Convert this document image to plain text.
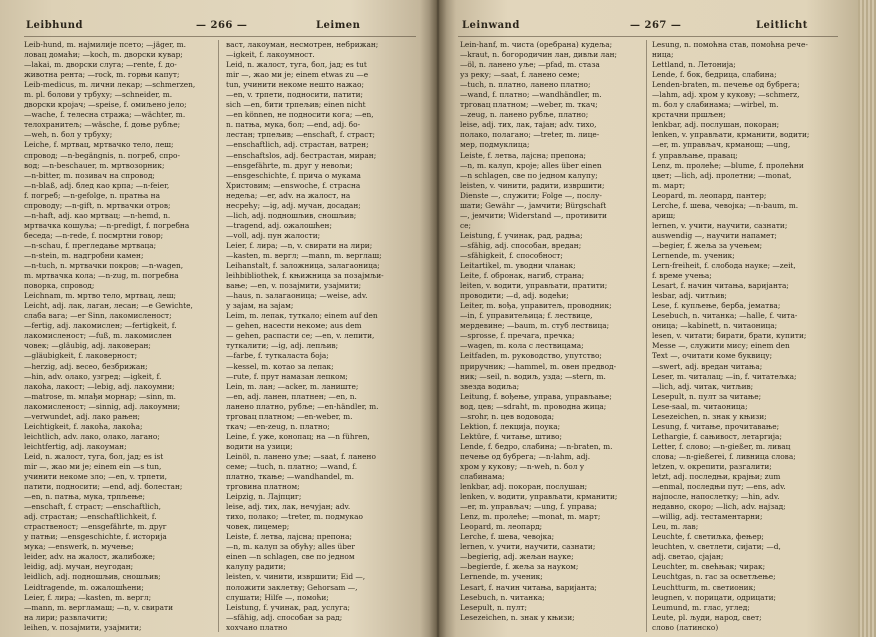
Leibhund	— 266 —	Leimen
Leib-hund, m. најмилије псето; —jäger, m.
ловац домаћи; —koch, m. дворски кувар;
—lakai, m. дворски слуга; —rente, f. до-
животна рента; —rock, m. горњи капут;
Leib-medicus, m. лични лекар; —schmerzen,
m. pl. болови у трбуху; —schneider, m.
дворски кројач; —speise, f. омиљено јело;
—wache, f. телесна стража; —wächter, m.
телохранитељ; —wäsche, f. доње рубље;
—weh, n. бол у трбуху;
Leiche, f. мртвац, мртвачко тело, леш;
спровод; —n-begängnis, n. погреб, спро-
вод; —n-beschauer, m. мртвозорник;
—n-bitter, m. позивач на спровод;
—n-blaß, adj. блед као крпа; —n-feier,
f. погреб; —n-gefolge, n. пратња на
спроводу; —n-gift, n. мртвачки отров;
—n-haft, adj. као мртвац; —n-hemd, n.
мртвачка кошуља; —n-predigt, f. погребна
беседа; —n-rede, f. посмртни говор;
—n-schau, f. прегледање мртваца;
—n-stein, m. надгробни камен;
—n-tuch, n. мртвачки покров; —n-wagen,
m. мртвачка кола; —n-zug, m. погребна
поворка, спровод;
Leichnam, m. мртво тело, мртвац, леш;
Leicht, adj. лак, лаган, лесан; —e Gewichte,
слаба вага; —er Sinn, лакомисленост;
—fertig, adj. лакомислен; —fertigkeit, f.
лакомисленост; —fuß, m. лакомислен
човек; —gläubig, adj. лаковеран;
—gläubigkeit, f. лаковерност;
—herzig, adj. весео, безбрижан;
—hin, adv. олако, узгред; —igkeit, f.
лакоћа, лакост; —lebig, adj. лакоумни;
—matrose, m. млађи морнар; —sinn, m.
лакомисленост; —sinnig, adj. лакоумни;
—verwundet, adj. лако рањен;
Leichtigkeit, f. лакоћа, лакоћа;
leichtlich, adv. лако, олако, лагано;
leichtfertig, adj. лакоуман;
Leid, n. жалост, туга, бол, јад; es ist
mir —, жао ми је; einem ein —s tun,
учинити некоме зло; —en, v. трпети,
патити, подносити; —end, adj. болестан;
—en, n. патња, мука, трпљење;
—enschaft, f. страст; —enschaftlich,
adj. страстан; —enschaftlichkeit, f.
страственост; —ensgefährte, m. друг
у патњи; —ensgeschichte, f. историја
мука; —enswerk, n. мучење;
leider, adv. на жалост, жалибоже;
leidig, adj. мучан, неугодан;
leidlich, adj. подношљив, сношљив;
Leidtragende, m. ожалошћени;
Leier, f. лира; —kasten, m. вергл;
—mann, m. вергламаш; —n, v. свирати
на лири; развлачити;
leihen, v. позајмити, узајмити;
васт, лакоуман, несмотрен, небрижан;
—igkeit, f. лакоумност.
Leid, n. жалост, туга, бол, јад; es tut
mir —, жао ми је; einem etwas zu —e
tun, учинити некоме нешто нажао;
—en, v. трпети, подносити, патити;
sich —en, бити трпељив; einen nicht
—en können, не подносити кога; —en,
n. патња, мука, бол; —end, adj. бо-
лестан; трпељив; —enschaft, f. страст;
—enschaftlich, adj. страстан, ватрен;
—enschaftslos, adj. бестрастан, миран;
—ensgefährte, m. друг у невољи;
—ensgeschichte, f. прича о мукама
Христовим; —enswoche, f. страсна
недеља; —er, adv. на жалост, на
несрећу; —ig, adj. мучан, досадан;
—lich, adj. подношљив, сношљив;
—tragend, adj. ожалошћен;
—voll, adj. пун жалости;
Leier, f. лира; —n, v. свирати на лири;
—kasten, m. вергл; —mann, m. верглаш;
Leihanstalt, f. заложница, залагаоница;
leihbibliothek, f. књижница за позајмљи-
вање; —en, v. позајмити, узајмити;
—haus, n. залагаоница; —weise, adv.
у зајам, на зајам;
Leim, m. лепак, туткало; einem auf den
— gehen, насести некоме; aus dem
— gehen, распасти се; —en, v. лепити,
туткалити; —ig, adj. лепљив;
—farbe, f. туткаласта боја;
—kessel, m. котао за лепак;
—rute, f. прут намазан лепком;
Lein, m. лан; —acker, m. ланиште;
—en, adj. ланен, платнен; —en, n.
ланено платно, рубље; —en-händler, m.
трговац платном; —en-weber, m.
ткач; —en-zeug, n. платно;
Leine, f. уже, конопац; на —n führen,
водити на узици;
Leinöl, n. ланено уље; —saat, f. ланено
семе; —tuch, n. платно; —wand, f.
платно, ткање; —wandhandel, m.
трговина платном;
Leipzig, n. Лајпциг;
leise, adj. тих, лак, нечујан; adv.
тихо, полако; —treter, m. подмукао
човек, лицемер;
Leiste, f. летва, лајсна; препона;
—n, m. калуп за обућу; alles über
einen —n schlagen, све по једном
калупу радити;
leisten, v. чинити, извршити; Eid —,
положити заклетву; Gehorsam —,
слушати; Hilfe —, помоћи;
Leistung, f. учинак, рад, услуга;
—sfähig, adj. способан за рад;
хохчано платно
Leinwand	— 267 —	Leitlicht
Lein-hanf, m. чиста (оребрана) кудеља;
—kraut, n. богородичин лан, дивљи лан;
—öl, n. ланено уље; —pfad, m. стаза
уз реку; —saat, f. ланено семе;
—tuch, n. платно, ланено платно;
—wand, f. платно; —wandhändler, m.
трговац платном; —weber, m. ткач;
—zeug, n. ланено рубље, платно;
leise, adj. тих, лак, тајан; adv. тихо,
полако, полагано; —treter, m. лице-
мер, подмуклица;
Leiste, f. летва, лајсна; препона;
—n, m. калуп, кроје; alles über einen
—n schlagen, све по једном калупу;
leisten, v. чинити, радити, извршити;
Dienste —, служити; Folge —, послу-
шати; Gewähr —, јамчити; Bürgschaft
—, јемчити; Widerstand —, противити
се;
Leistung, f. учинак, рад, радња;
—sfähig, adj. способан, вредан;
—sfähigkeit, f. способност;
Leitartikel, m. уводни чланак;
Leite, f. обронак, нагиб, страна;
leiten, v. водити, управљати, пратити;
проводити; —d, adj. водећи;
Leiter, m. вођа, управитељ, проводник;
—in, f. управитељица; f. лествице,
мердевине; —baum, m. стуб лествица;
—sprosse, f. пречага, пречка;
—wagen, m. кола с лествицама;
Leitfaden, m. руководство, упутство;
приручник; —hammel, m. овен предвод-
ник; —seil, n. водиљ, узда; —stern, m.
звезда водиља;
Leitung, f. вођење, управа, управљање;
вод, цев; —sdraht, m. проводна жица;
—srohr, n. цев водовода;
Lektion, f. лекција, поука;
Lektüre, f. читање, штиво;
Lende, f. бедро, слабина; —n-braten, m.
печење од бубрега; —n-lahm, adj.
хром у кукову; —n-weh, n. бол у
слабинама;
lenkbar, adj. покоран, послушан;
lenken, v. водити, управљати, крманити;
—er, m. управљач; —ung, f. управа;
Lenz, m. пролеће; —monat, m. март;
Leopard, m. леопард;
Lerche, f. шева, чевојка;
lernen, v. учити, научити, сазнати;
—begierig, adj. жељан науке;
—begierde, f. жеља за науком;
Lernende, m. ученик;
Lesart, f. начин читања, варијанта;
Lesebuch, n. читанка;
Lesepult, n. пулт;
Lesezeichen, n. знак у књизи;
Lesung, n. помоћна став, помоћна рече-
ница;
Lettland, n. Летонија;
Lende, f. бок, бедрица, слабина;
Lenden-braten, m. печење од бубрега;
—lahm, adj. хром у кукову; —schmerz,
m. бол у слабинама; —wirbel, m.
крстачни пршљен;
lenkbar, adj. послушан, покоран;
lenken, v. управљати, крманити, водити;
—er, m. управљач, крманош; —ung,
f. управљање, правац;
Lenz, m. пролеће; —blume, f. пролећни
цвет; —lich, adj. пролетни; —monat,
m. март;
Leopard, m. леопард, пантер;
Lerche, f. шева, чевојка; —n-baum, m.
ариш;
lernen, v. учити, научити, сазнати;
auswendig —, научити напамет;
—begier, f. жеља за учењем;
Lernende, m. ученик;
Lern-freiheit, f. слобода науке; —zeit,
f. време учења;
Lesart, f. начин читања, варијанта;
lesbar, adj. читљив;
Lese, f. купљење, берба, јематва;
Lesebuch, n. читанка; —halle, f. чита-
оница; —kabinett, n. читаоница;
lesen, v. читати; бирати, брати, купити;
Messe —, служити мису; einem den
Text —, очитати коме буквицу;
—swert, adj. вредан читања;
Leser, m. читалац; —in, f. читатељка;
—lich, adj. читак, читљив;
Lesepult, n. пулт за читање;
Lese-saal, m. читаоница;
Lesezeichen, n. знак у књизи;
Lesung, f. читање, прочитавање;
Lethargie, f. сањивост, летаргија;
Letter, f. слово; —n-gießer, m. ливац
слова; —n-gießerei, f. ливница слова;
letzen, v. окрепити, разгалити;
letzt, adj. последњи, крајњи; zum
—enmal, последњи пут; —ens, adv.
најпосле, напослетку; —hin, adv.
недавно, скоро; —lich, adv. најзад;
—willig, adj. тестаментарни;
Leu, m. лав;
Leuchte, f. светиљка, фењер;
leuchten, v. светлети, сијати; —d,
adj. светао, сјајан;
Leuchter, m. свећњак; чирак;
Leuchtgas, n. гас за осветљење;
Leuchtturm, m. светионик;
leugnen, v. порицати, одрицати;
Leumund, m. глас, углед;
Leute, pl. људи, народ, свет;
слово (латинско)
